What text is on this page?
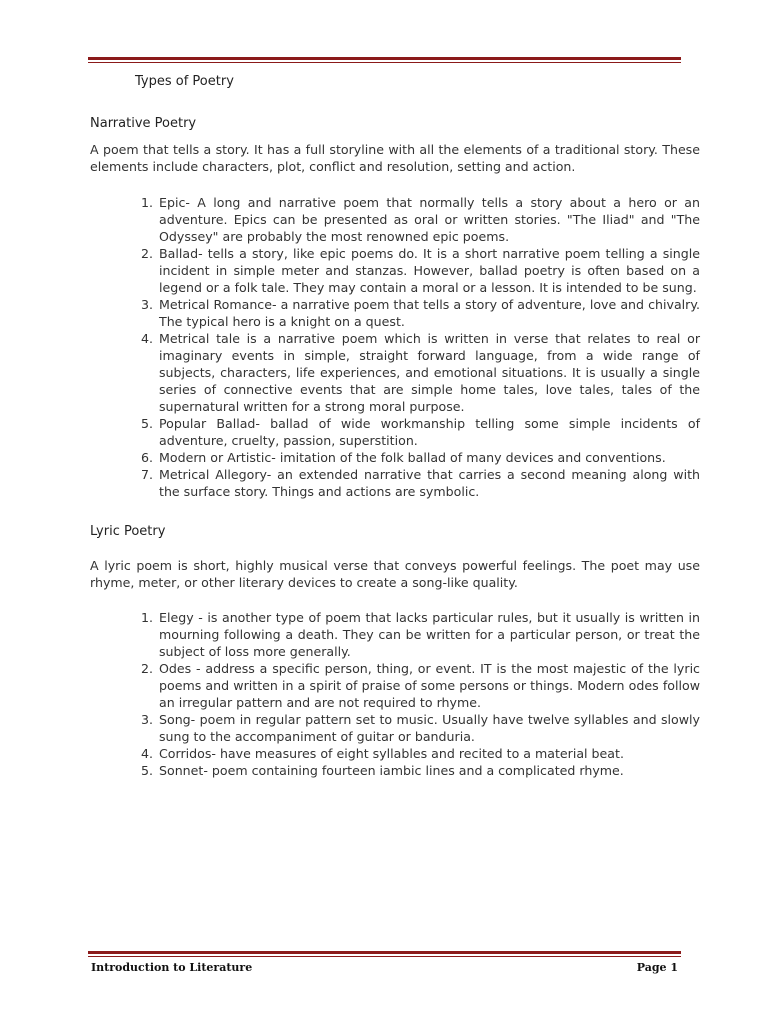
Types of Poetry
Narrative Poetry

A poem that tells a story. It has a full storyline with all the elements of a traditional story. These elements include characters, plot, conflict and resolution, setting and action.

1. Epic- A long and narrative poem that normally tells a story about a hero or an adventure. Epics can be presented as oral or written stories. "The Iliad" and "The Odyssey" are probably the most renowned epic poems.
2. Ballad- tells a story, like epic poems do. It is a short narrative poem telling a single incident in simple meter and stanzas. However, ballad poetry is often based on a legend or a folk tale. They may contain a moral or a lesson. It is intended to be sung.
3. Metrical Romance- a narrative poem that tells a story of adventure, love and chivalry. The typical hero is a knight on a quest.
4. Metrical tale is a narrative poem which is written in verse that relates to real or imaginary events in simple, straight forward language, from a wide range of subjects, characters, life experiences, and emotional situations. It is usually a single series of connective events that are simple home tales, love tales, tales of the supernatural written for a strong moral purpose.
5. Popular Ballad- ballad of wide workmanship telling some simple incidents of adventure, cruelty, passion, superstition.
6. Modern or Artistic- imitation of the folk ballad of many devices and conventions.
7. Metrical Allegory- an extended narrative that carries a second meaning along with the surface story. Things and actions are symbolic.
Lyric Poetry

A lyric poem is short, highly musical verse that conveys powerful feelings. The poet may use rhyme, meter, or other literary devices to create a song-like quality.

1. Elegy - is another type of poem that lacks particular rules, but it usually is written in mourning following a death. They can be written for a particular person, or treat the subject of loss more generally.
2. Odes - address a specific person, thing, or event. IT is the most majestic of the lyric poems and written in a spirit of praise of some persons or things. Modern odes follow an irregular pattern and are not required to rhyme.
3. Song- poem in regular pattern set to music. Usually have twelve syllables and slowly sung to the accompaniment of guitar or banduria.
4. Corridos- have measures of eight syllables and recited to a material beat.
5. Sonnet- poem containing fourteen iambic lines and a complicated rhyme.
Introduction to Literature	Page 1
